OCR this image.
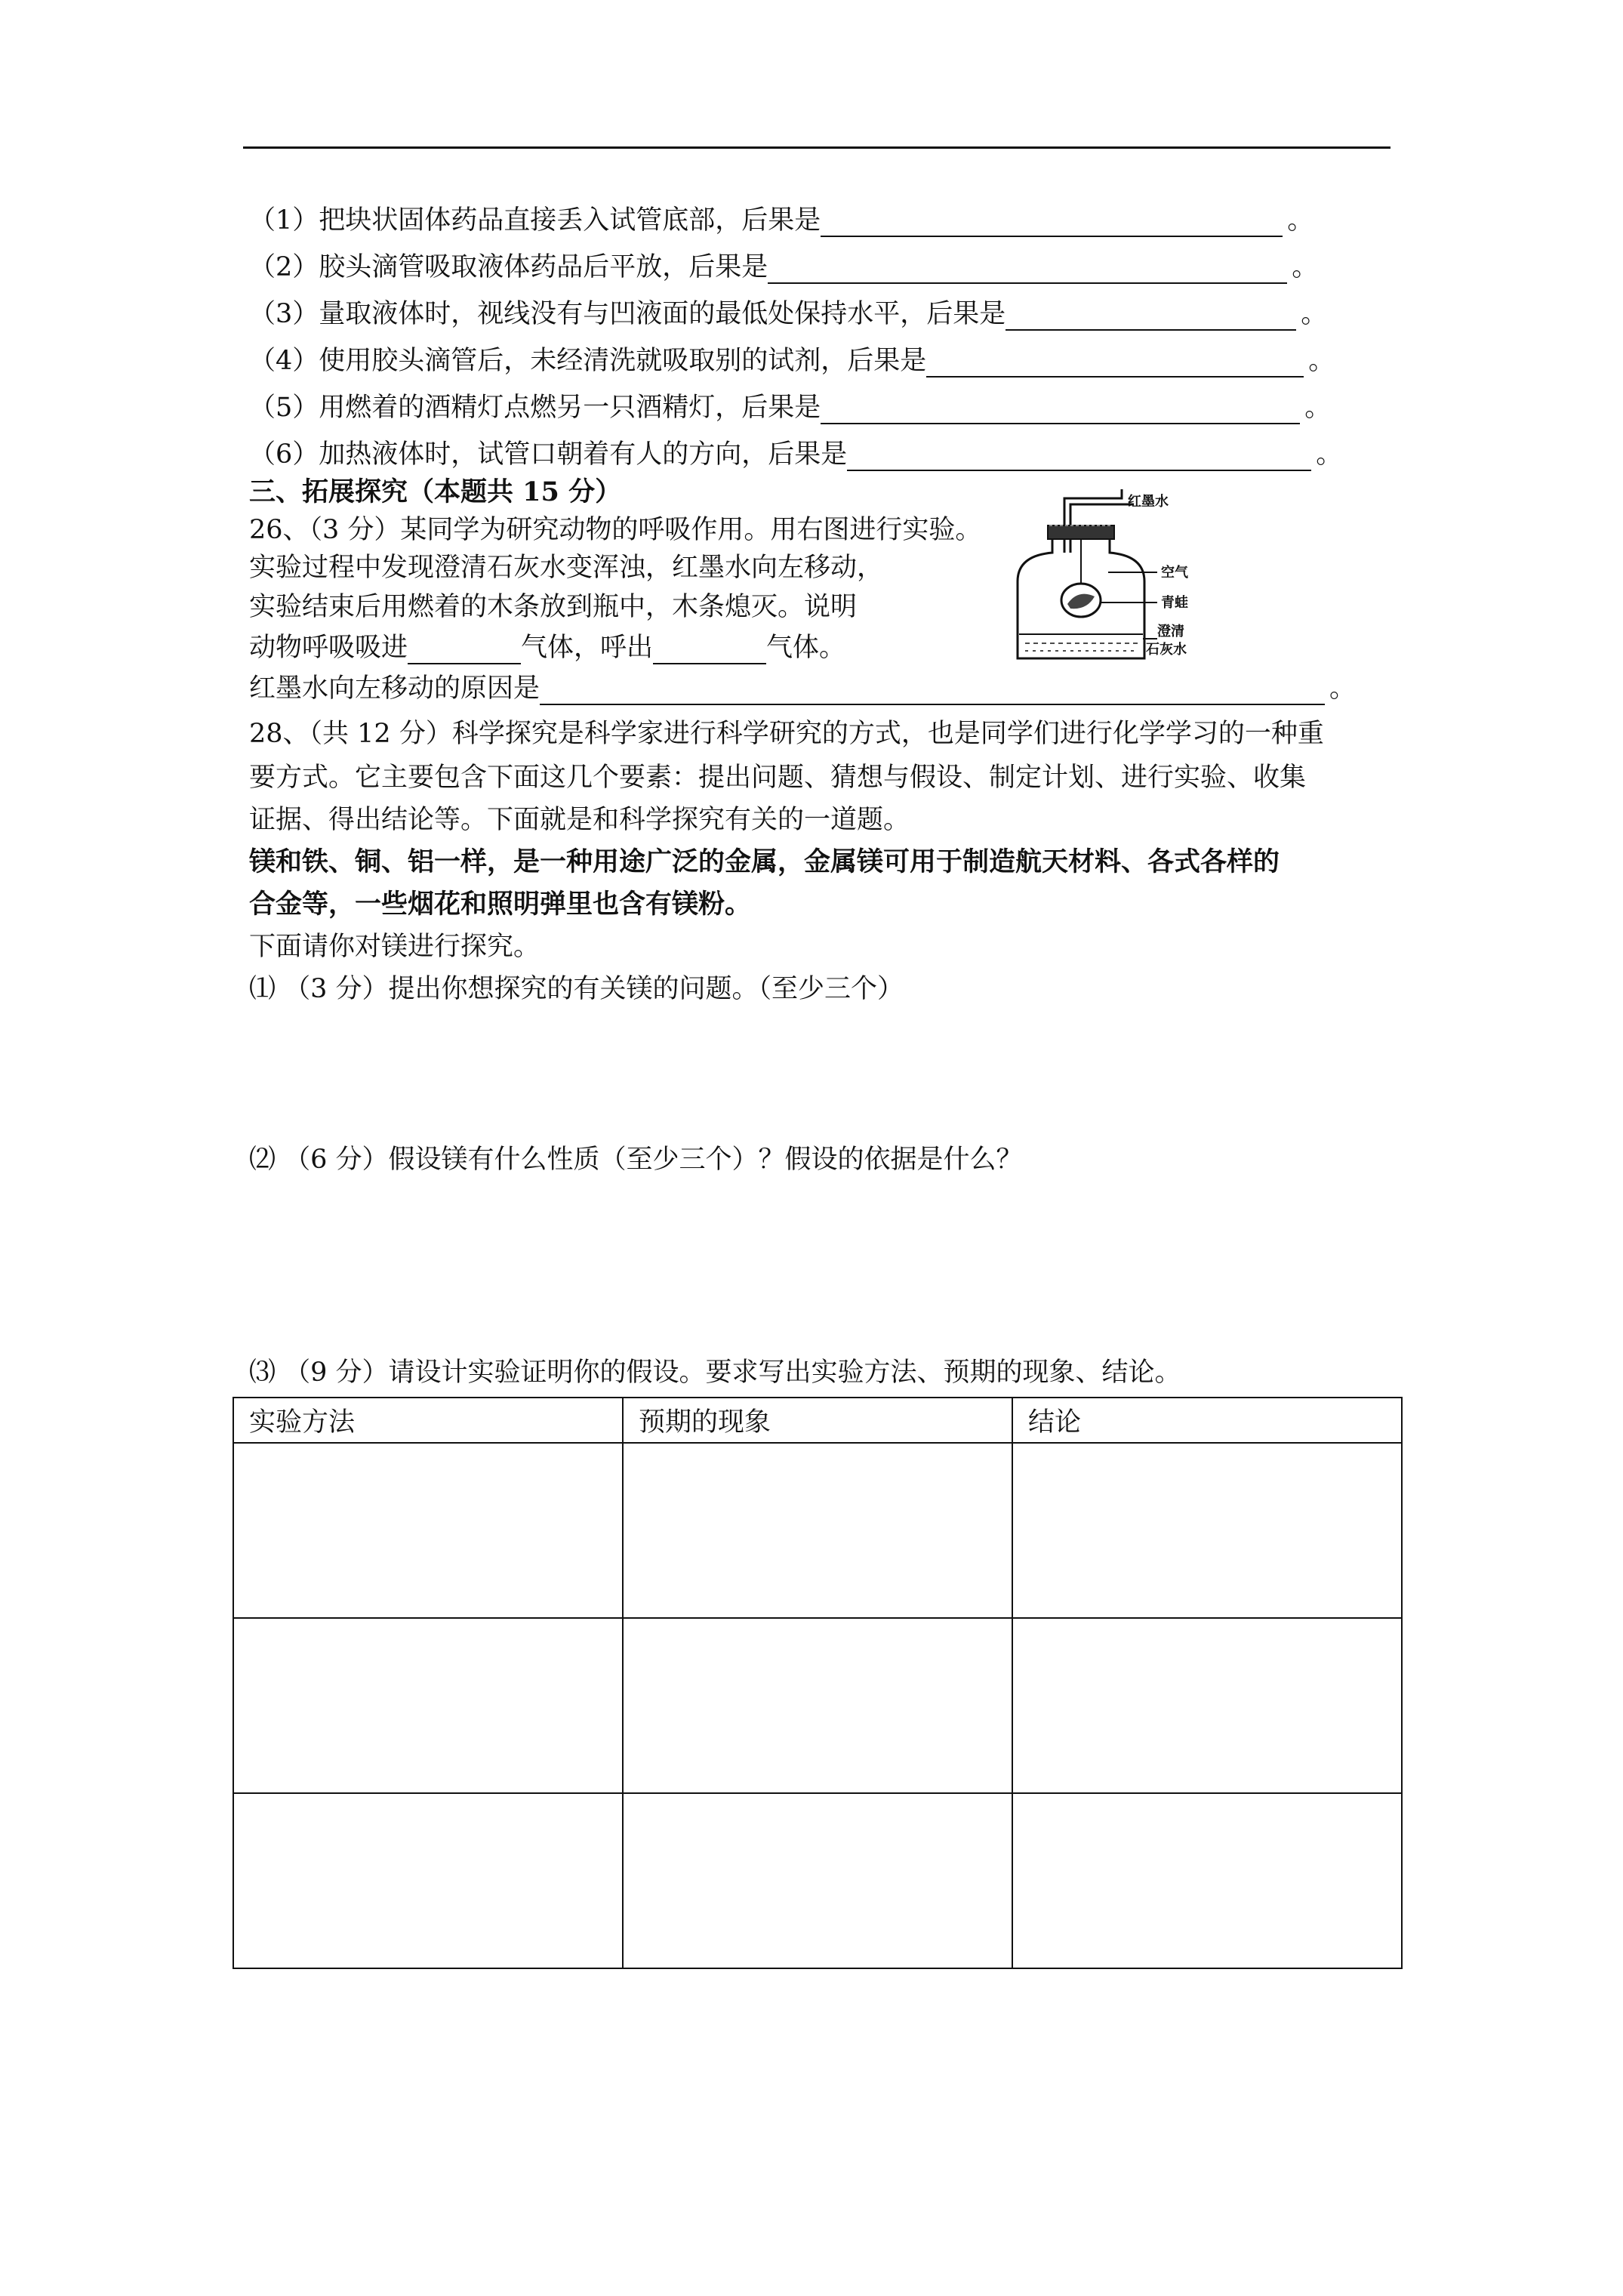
（1）把块状固体药品直接丢入试管底部，后果是	。
（2）胶头滴管吸取液体药品后平放，后果是	。
（3）量取液体时，视线没有与凹液面的最低处保持水平，后果是	。
（4）使用胶头滴管后，未经清洗就吸取别的试剂，后果是	。
（5）用燃着的酒精灯点燃另一只酒精灯，后果是	。
（6）加热液体时，试管口朝着有人的方向，后果是	。
三、拓展探究（本题共 15 分）
26、（3 分）某同学为研究动物的呼吸作用。用右图进行实验。
实验过程中发现澄清石灰水变浑浊，红墨水向左移动，
实验结束后用燃着的木条放到瓶中，木条熄灭。说明
动物呼吸吸进	气体，呼出	气体。
红墨水向左移动的原因是	。
红墨水
空气
青蛙
澄清
石灰水
28、（共 12 分）科学探究是科学家进行科学研究的方式，也是同学们进行化学学习的一种重
要方式。它主要包含下面这几个要素：提出问题、猜想与假设、制定计划、进行实验、收集
证据、得出结论等。下面就是和科学探究有关的一道题。
镁和铁、铜、铝一样，是一种用途广泛的金属，金属镁可用于制造航天材料、各式各样的
合金等，一些烟花和照明弹里也含有镁粉。
下面请你对镁进行探究。
⑴ （3 分）提出你想探究的有关镁的问题。（至少三个）
⑵ （6 分）假设镁有什么性质（至少三个）？假设的依据是什么？
⑶ （9 分）请设计实验证明你的假设。要求写出实验方法、预期的现象、结论。
实验方法	预期的现象	结论
